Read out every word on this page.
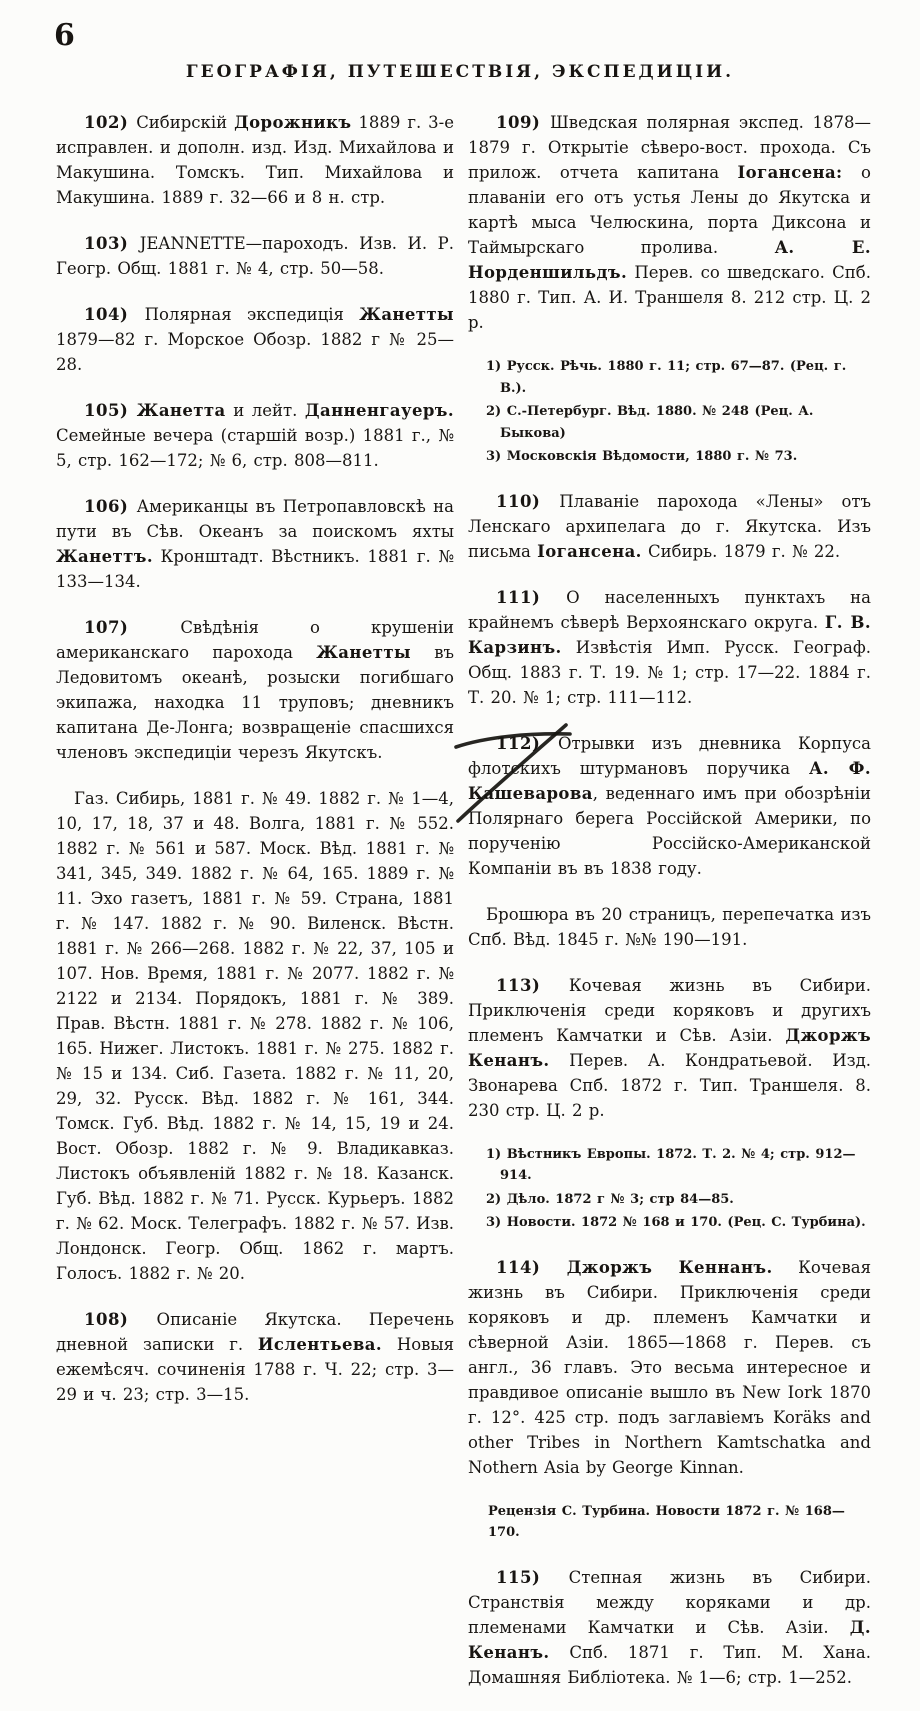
6
ГЕОГРАФІЯ, ПУТЕШЕСТВІЯ, ЭКСПЕДИЦІИ.

102) Сибирскій Дорожникъ 1889 г. 3-е исправлен. и дополн. изд. Изд. Михайлова и Макушина. Томскъ. Тип. Михайлова и Макушина. 1889 г. 32—66 и 8 н. стр.

103) JEANNETTE—пароходъ. Изв. И. Р. Геогр. Общ. 1881 г. № 4, стр. 50—58.

104) Полярная экспедиція Жанетты 1879—82 г. Морское Обозр. 1882 г № 25—28.

105) Жанетта и лейт. Данненгауеръ. Семейные вечера (старшій возр.) 1881 г., № 5, стр. 162—172; № 6, стр. 808—811.

106) Американцы въ Петропавловскѣ на пути въ Сѣв. Океанъ за поискомъ яхты Жанеттъ. Кронштадт. Вѣстникъ. 1881 г. № 133—134.

107) Свѣдѣнія о крушеніи американскаго парохода Жанетты въ Ледовитомъ океанѣ, розыски погибшаго экипажа, находка 11 труповъ; дневникъ капитана Де-Лонга; возвращеніе спасшихся членовъ экспедиціи черезъ Якутскъ.

Газ. Сибирь, 1881 г. № 49. 1882 г. № 1—4, 10, 17, 18, 37 и 48. Волга, 1881 г. № 552. 1882 г. № 561 и 587. Моск. Вѣд. 1881 г. № 341, 345, 349. 1882 г. № 64, 165. 1889 г. № 11. Эхо газетъ, 1881 г. № 59. Страна, 1881 г. № 147. 1882 г. № 90. Виленск. Вѣстн. 1881 г. № 266—268. 1882 г. № 22, 37, 105 и 107. Нов. Время, 1881 г. № 2077. 1882 г. № 2122 и 2134. Порядокъ, 1881 г. № 389. Прав. Вѣстн. 1881 г. № 278. 1882 г. № 106, 165. Нижег. Листокъ. 1881 г. № 275. 1882 г. № 15 и 134. Сиб. Газета. 1882 г. № 11, 20, 29, 32. Русск. Вѣд. 1882 г. № 161, 344. Томск. Губ. Вѣд. 1882 г. № 14, 15, 19 и 24. Вост. Обозр. 1882 г. № 9. Владикавказ. Листокъ объявленій 1882 г. № 18. Казанск. Губ. Вѣд. 1882 г. № 71. Русск. Курьеръ. 1882 г. № 62. Моск. Телеграфъ. 1882 г. № 57. Изв. Лондонск. Геогр. Общ. 1862 г. мартъ. Голосъ. 1882 г. № 20.

108) Описаніе Якутска. Перечень дневной записки г. Ислентьева. Новыя ежемѣсяч. сочиненія 1788 г. Ч. 22; стр. 3—29 и ч. 23; стр. 3—15.

109) Шведская полярная экспед. 1878—1879 г. Открытіе сѣверо-вост. прохода. Съ прилож. отчета капитана Іогансена: о плаваніи его отъ устья Лены до Якутска и картѣ мыса Челюскина, порта Диксона и Таймырскаго пролива. А. Е. Норденшильдъ. Перев. со шведскаго. Спб. 1880 г. Тип. А. И. Траншеля 8. 212 стр. Ц. 2 р.

1) Русск. Рѣчь. 1880 г. 11; стр. 67—87. (Рец. г. В.).
2) С.-Петербург. Вѣд. 1880. № 248 (Рец. А. Быкова)
3) Московскія Вѣдомости, 1880 г. № 73.

110) Плаваніе парохода «Лены» отъ Ленскаго архипелага до г. Якутска. Изъ письма Іогансена. Сибирь. 1879 г. № 22.

111) О населенныхъ пунктахъ на крайнемъ сѣверѣ Верхоянскаго округа. Г. В. Карзинъ. Извѣстія Имп. Русск. Географ. Общ. 1883 г. Т. 19. № 1; стр. 17—22. 1884 г. Т. 20. № 1; стр. 111—112.

112) Отрывки изъ дневника Корпуса флотскихъ штурмановъ поручика А. Ф. Кашеварова, веденнаго имъ при обозрѣніи Полярнаго берега Россійской Америки, по порученію Россійско-Американской Компаніи въ въ 1838 году.

Брошюра въ 20 страницъ, перепечатка изъ Спб. Вѣд. 1845 г. №№ 190—191.

113) Кочевая жизнь въ Сибири. Приключенія среди коряковъ и другихъ племенъ Камчатки и Сѣв. Азіи. Джоржъ Кенанъ. Перев. А. Кондратьевой. Изд. Звонарева Спб. 1872 г. Тип. Траншеля. 8. 230 стр. Ц. 2 р.

1) Вѣстникъ Европы. 1872. Т. 2. № 4; стр. 912—914.
2) Дѣло. 1872 г № 3; стр 84—85.
3) Новости. 1872 № 168 и 170. (Рец. С. Турбина).

114) Джоржъ Кеннанъ. Кочевая жизнь въ Сибири. Приключенія среди коряковъ и др. племенъ Камчатки и сѣверной Азіи. 1865—1868 г. Перев. съ англ., 36 главъ. Это весьма интересное и правдивое описаніе вышло въ New Iork 1870 г. 12°. 425 стр. подъ заглавіемъ Koräks and other Tribes in Northern Kamtschatka and Nothern Asia by George Kinnan.

Рецензія С. Турбина. Новости 1872 г. № 168—170.

115) Степная жизнь въ Сибири. Странствія между коряками и др. племенами Камчатки и Сѣв. Азіи. Д. Кенанъ. Спб. 1871 г. Тип. М. Хана. Домашняя Библіотека. № 1—6; стр. 1—252.
